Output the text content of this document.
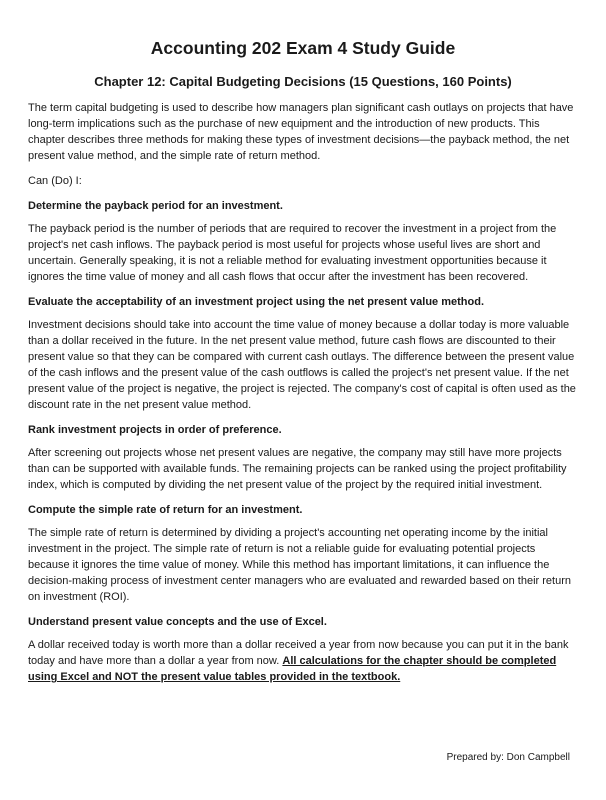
Accounting 202 Exam 4 Study Guide
Chapter 12: Capital Budgeting Decisions (15 Questions, 160 Points)

The term capital budgeting is used to describe how managers plan significant cash outlays on projects that have long-term implications such as the purchase of new equipment and the introduction of new products. This chapter describes three methods for making these types of investment decisions—the payback method, the net present value method, and the simple rate of return method.

Can (Do) I:

Determine the payback period for an investment.

The payback period is the number of periods that are required to recover the investment in a project from the project's net cash inflows. The payback period is most useful for projects whose useful lives are short and uncertain. Generally speaking, it is not a reliable method for evaluating investment opportunities because it ignores the time value of money and all cash flows that occur after the investment has been recovered.

Evaluate the acceptability of an investment project using the net present value method.

Investment decisions should take into account the time value of money because a dollar today is more valuable than a dollar received in the future. In the net present value method, future cash flows are discounted to their present value so that they can be compared with current cash outlays. The difference between the present value of the cash inflows and the present value of the cash outflows is called the project's net present value. If the net present value of the project is negative, the project is rejected. The company's cost of capital is often used as the discount rate in the net present value method.

Rank investment projects in order of preference.

After screening out projects whose net present values are negative, the company may still have more projects than can be supported with available funds. The remaining projects can be ranked using the project profitability index, which is computed by dividing the net present value of the project by the required initial investment.

Compute the simple rate of return for an investment.

The simple rate of return is determined by dividing a project's accounting net operating income by the initial investment in the project. The simple rate of return is not a reliable guide for evaluating potential projects because it ignores the time value of money. While this method has important limitations, it can influence the decision-making process of investment center managers who are evaluated and rewarded based on their return on investment (ROI).

Understand present value concepts and the use of Excel.

A dollar received today is worth more than a dollar received a year from now because you can put it in the bank today and have more than a dollar a year from now. All calculations for the chapter should be completed using Excel and NOT the present value tables provided in the textbook.

Prepared by: Don Campbell
